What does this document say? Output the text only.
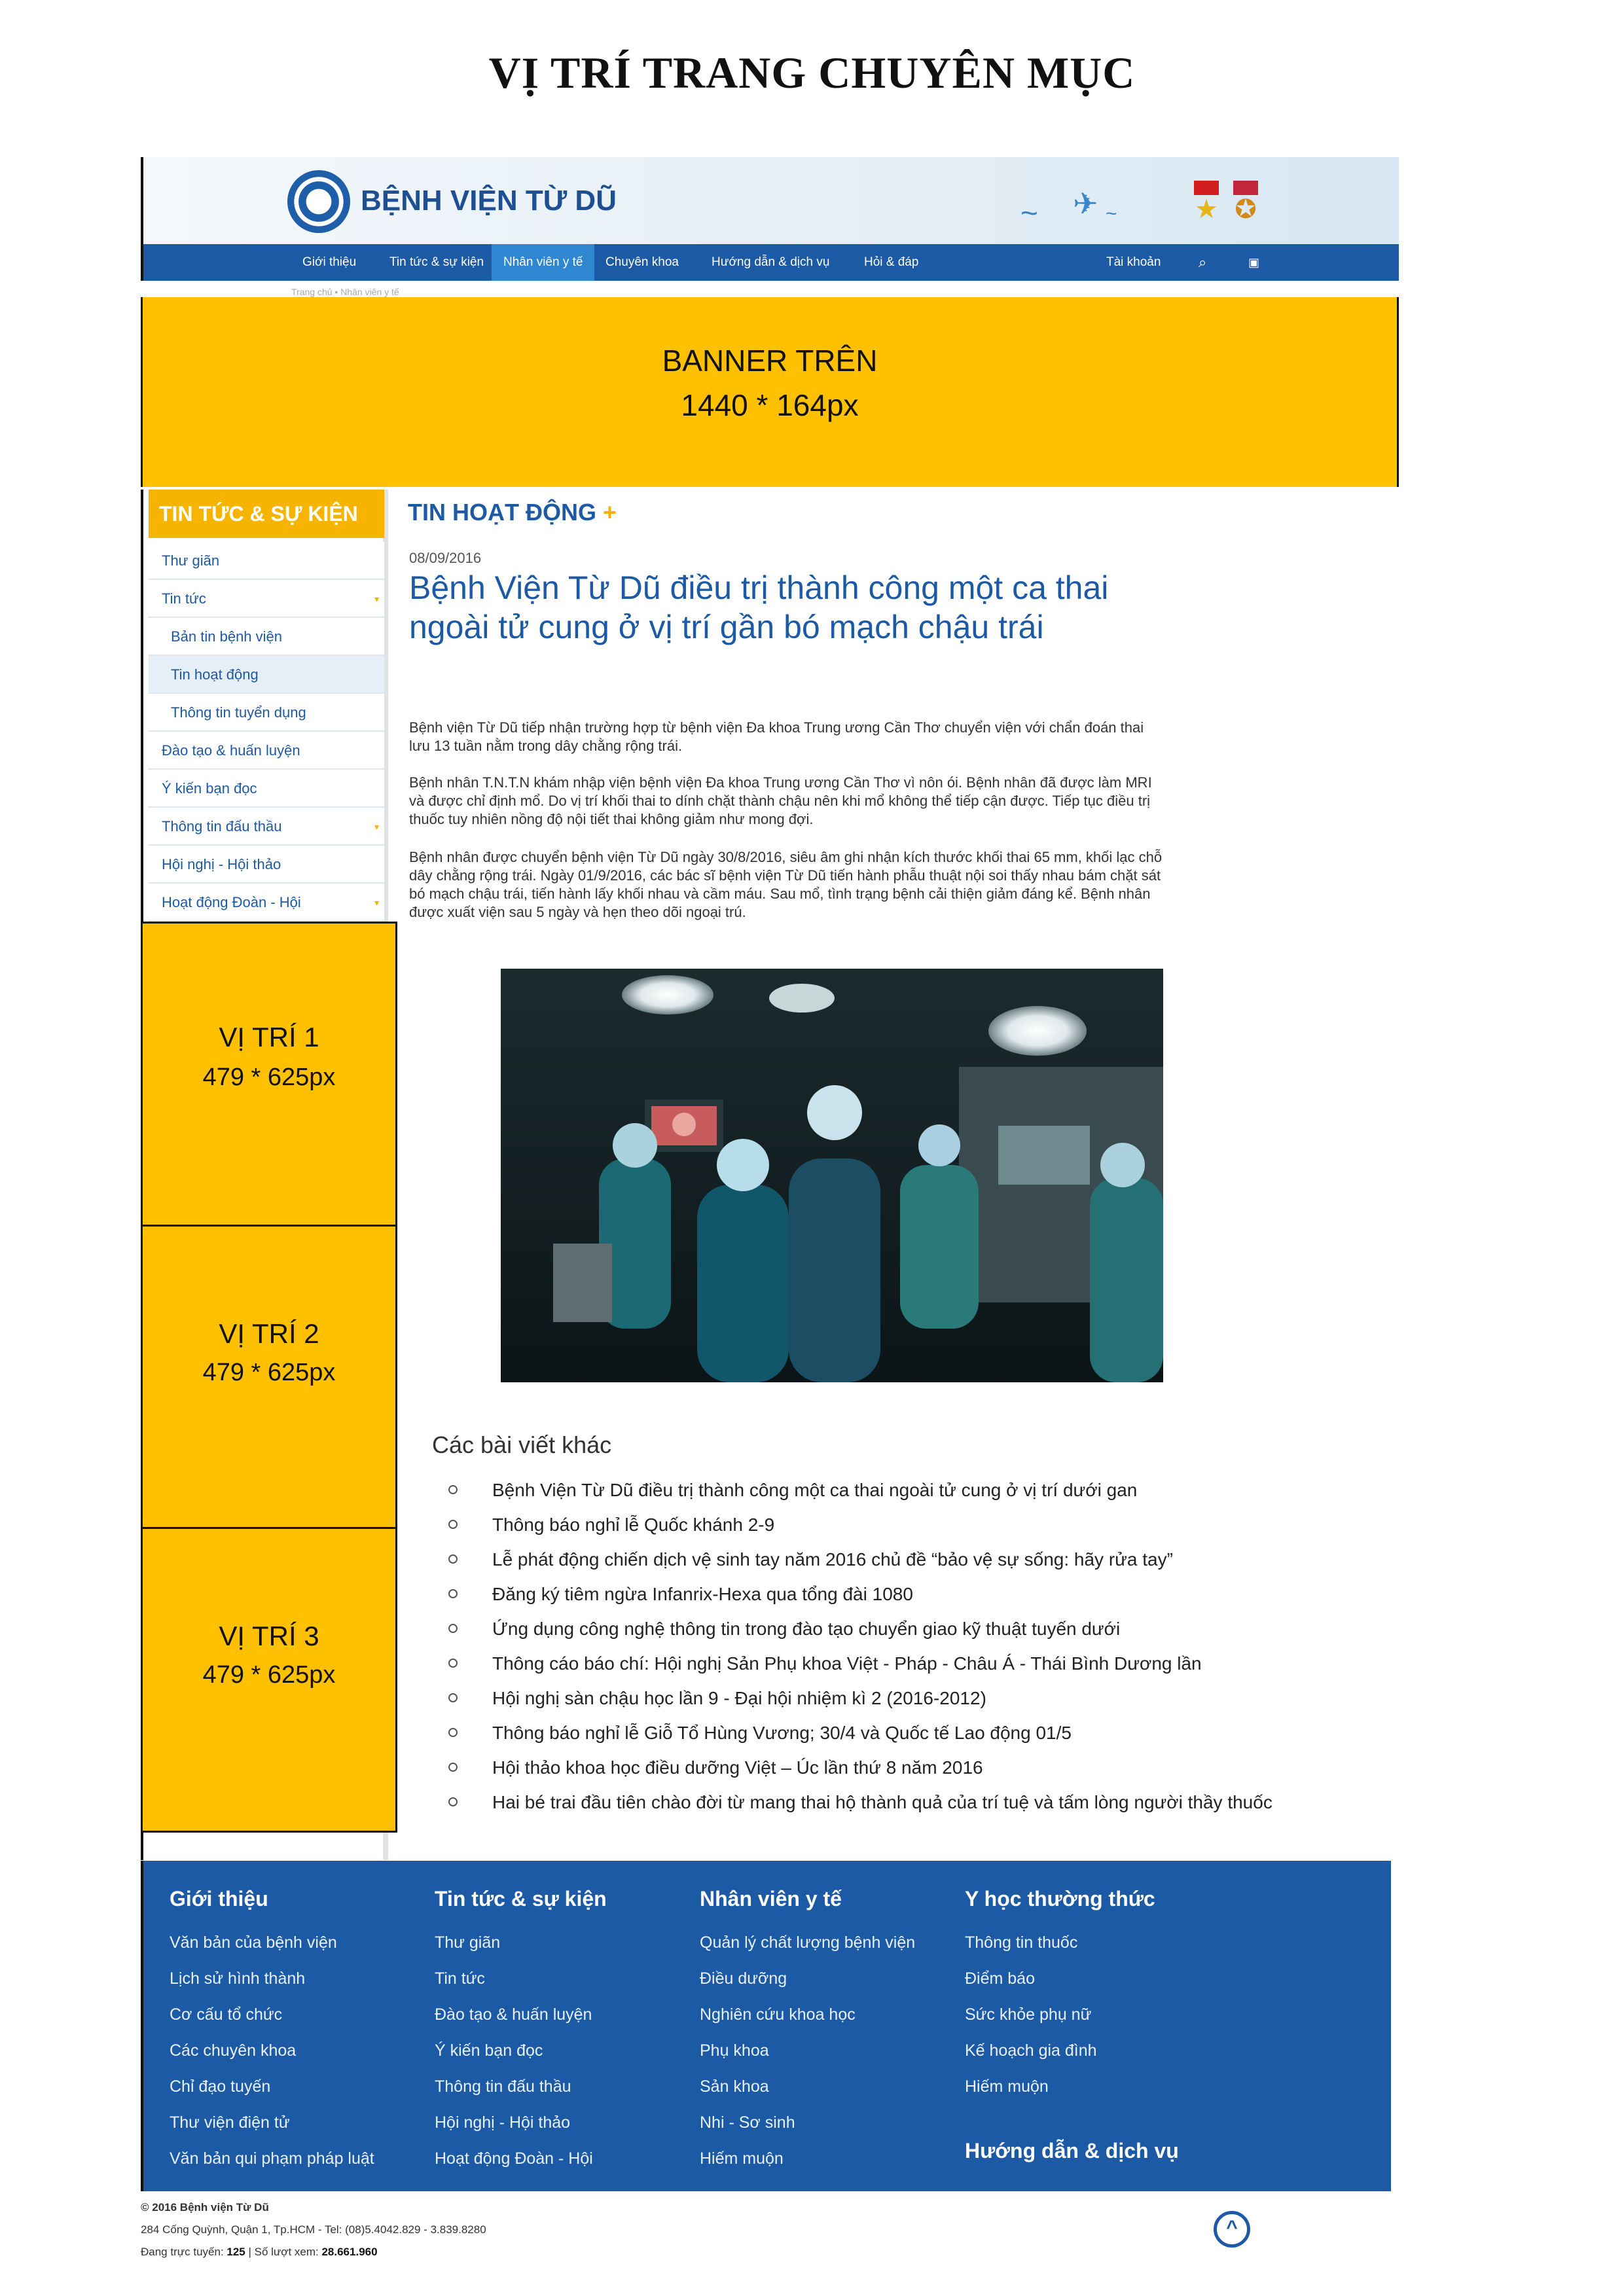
VỊ TRÍ TRANG CHUYÊN MỤC
BỆNH VIỆN TỪ DŨ	~ ✈ ~	★ ✪
Giới thiệu	Tin tức & sự kiện	Nhân viên y tế	Chuyên khoa	Hướng dẫn & dịch vụ	Hỏi & đáp	Tài khoản	⌕	▣
Trang chủ • Nhân viên y tế
BANNER TRÊN
1440 * 164px
TIN TỨC & SỰ KIỆN
Thư giãn
Tin tức	▾
Bản tin bệnh viện
Tin hoạt động
Thông tin tuyển dụng
Đào tạo & huấn luyện
Ý kiến bạn đọc
Thông tin đấu thầu	▾
Hội nghị - Hội thảo
Hoạt động Đoàn - Hội	▾
VỊ TRÍ 1
479 * 625px
VỊ TRÍ 2
479 * 625px
VỊ TRÍ 3
479 * 625px
TIN HOẠT ĐỘNG +
08/09/2016
Bệnh Viện Từ Dũ điều trị thành công một ca thai ngoài tử cung ở vị trí gần bó mạch chậu trái
Bệnh viện Từ Dũ tiếp nhận trường hợp từ bệnh viện Đa khoa Trung ương Cần Thơ chuyển viện với chẩn đoán thai lưu 13 tuần nằm trong dây chằng rộng trái.
Bệnh nhân T.N.T.N khám nhập viện bệnh viện Đa khoa Trung ương Cần Thơ vì nôn ói. Bệnh nhân đã được làm MRI và được chỉ định mổ. Do vị trí khối thai to dính chặt thành chậu nên khi mổ không thể tiếp cận được. Tiếp tục điều trị thuốc tuy nhiên nồng độ nội tiết thai không giảm như mong đợi.
Bệnh nhân được chuyển bệnh viện Từ Dũ ngày 30/8/2016, siêu âm ghi nhận kích thước khối thai 65 mm, khối lạc chỗ dây chằng rộng trái. Ngày 01/9/2016, các bác sĩ bệnh viện Từ Dũ tiến hành phẫu thuật nội soi thấy nhau bám chặt sát bó mạch chậu trái, tiến hành lấy khối nhau và cầm máu. Sau mổ, tình trạng bệnh cải thiện giảm đáng kể. Bệnh nhân được xuất viện sau 5 ngày và hẹn theo dõi ngoại trú.
Các bài viết khác
Bệnh Viện Từ Dũ điều trị thành công một ca thai ngoài tử cung ở vị trí dưới gan
Thông báo nghỉ lễ Quốc khánh 2-9
Lễ phát động chiến dịch vệ sinh tay năm 2016 chủ đề “bảo vệ sự sống: hãy rửa tay”
Đăng ký tiêm ngừa Infanrix-Hexa qua tổng đài 1080
Ứng dụng công nghệ thông tin trong đào tạo chuyển giao kỹ thuật tuyến dưới
Thông cáo báo chí: Hội nghị Sản Phụ khoa Việt - Pháp - Châu Á - Thái Bình Dương lần
Hội nghị sàn chậu học lần 9 - Đại hội nhiệm kì 2 (2016-2012)
Thông báo nghỉ lễ Giỗ Tổ Hùng Vương; 30/4 và Quốc tế Lao động 01/5
Hội thảo khoa học điều dưỡng Việt – Úc lần thứ 8 năm 2016
Hai bé trai đầu tiên chào đời từ mang thai hộ thành quả của trí tuệ và tấm lòng người thầy thuốc
Giới thiệu
Văn bản của bệnh viện
Lịch sử hình thành
Cơ cấu tổ chức
Các chuyên khoa
Chỉ đạo tuyến
Thư viện điện tử
Văn bản qui phạm pháp luật
Tin tức & sự kiện
Thư giãn
Tin tức
Đào tạo & huấn luyện
Ý kiến bạn đọc
Thông tin đấu thầu
Hội nghị - Hội thảo
Hoạt động Đoàn - Hội
Nhân viên y tế
Quản lý chất lượng bệnh viện
Điều dưỡng
Nghiên cứu khoa học
Phụ khoa
Sản khoa
Nhi - Sơ sinh
Hiếm muộn
Y học thường thức
Thông tin thuốc
Điểm báo
Sức khỏe phụ nữ
Kế hoạch gia đình
Hiếm muộn
Hướng dẫn & dịch vụ
© 2016 Bệnh viện Từ Dũ
284 Cống Quỳnh, Quận 1, Tp.HCM - Tel: (08)5.4042.829 - 3.839.8280
Đang trực tuyến: 125 | Số lượt xem: 28.661.960
^
